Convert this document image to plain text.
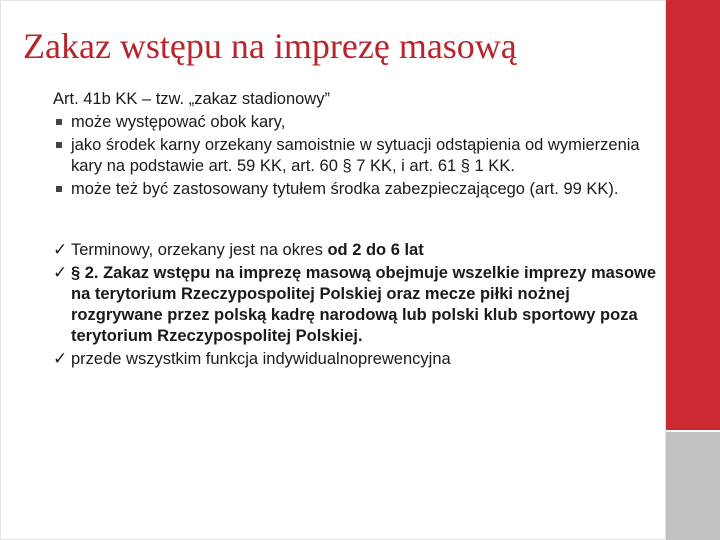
Zakaz wstępu na imprezę masową

Art. 41b KK – tzw. „zakaz stadionowy”

może występować obok kary,
jako środek karny orzekany samoistnie w sytuacji odstąpienia od wymierzenia kary na podstawie art. 59 KK, art. 60 § 7 KK, i art. 61 § 1 KK.
może też być zastosowany tytułem środka zabezpieczającego (art. 99 KK).
✓ Terminowy, orzekany jest na okres od 2 do 6 lat
✓ § 2. Zakaz wstępu na imprezę masową obejmuje wszelkie imprezy masowe na terytorium Rzeczypospolitej Polskiej oraz mecze piłki nożnej rozgrywane przez polską kadrę narodową lub polski klub sportowy poza terytorium Rzeczypospolitej Polskiej.
✓ przede wszystkim funkcja indywidualnoprewencyjna
